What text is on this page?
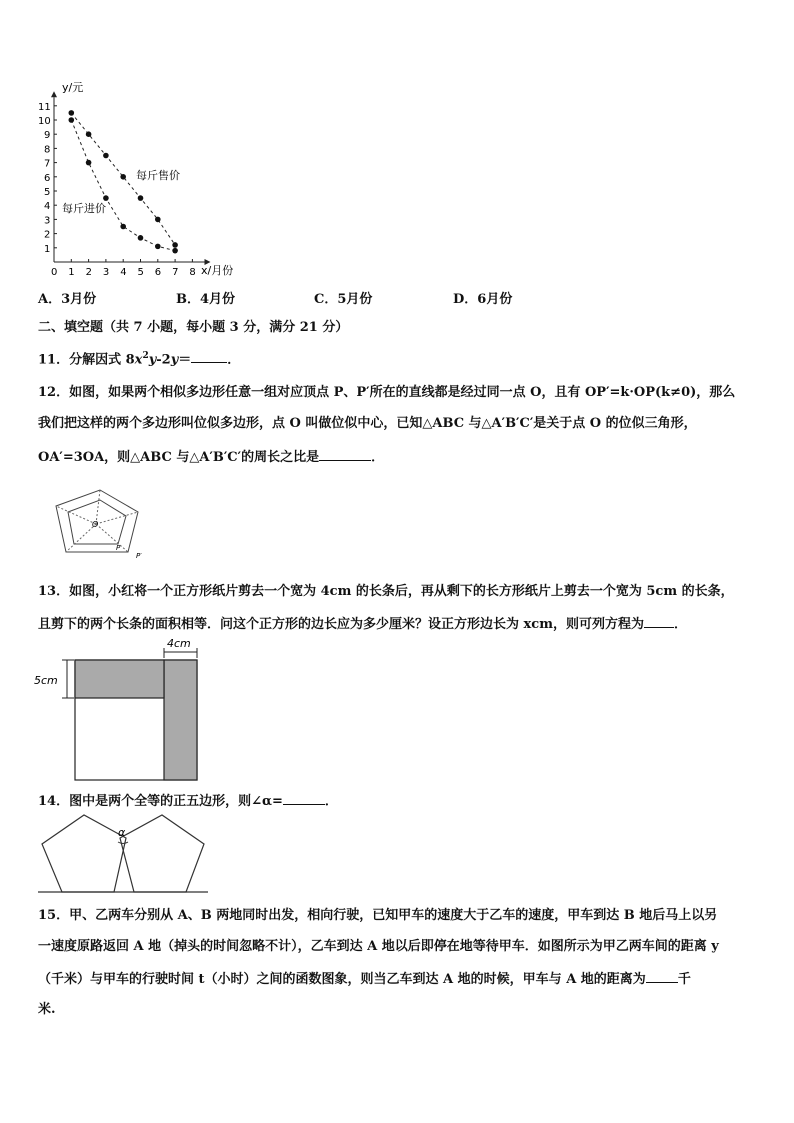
0 1 2 3 4 5 6 7 8
1
2
3
4
5
6
7
8
9
10
11
y/元
x/月份
每斤售价
每斤进价
A．3月份	B．4月份	C．5月份	D．6月份
二、填空题（共 7 小题，每小题 3 分，满分 21 分）
11．分解因式 $8x^2y-2y=$	．
12．如图，如果两个相似多边形任意一组对应顶点 P、P′所在的直线都是经过同一点 O，且有 OP′=k·OP(k≠0)，那么
我们把这样的两个多边形叫位似多边形，点 O 叫做位似中心，已知△ABC 与△A′B′C′是关于点 O 的位似三角形，
OA′=3OA，则△ABC 与△A′B′C′的周长之比是	．
O
P
P′
13．如图，小红将一个正方形纸片剪去一个宽为 4cm 的长条后，再从剩下的长方形纸片上剪去一个宽为 5cm 的长条，
且剪下的两个长条的面积相等．问这个正方形的边长应为多少厘米？设正方形边长为 xcm，则可列方程为 ．
4cm
5cm
14．图中是两个全等的正五边形，则∠α=	．
α
15．甲、乙两车分别从 A、B 两地同时出发，相向行驶，已知甲车的速度大于乙车的速度，甲车到达 B 地后马上以另
一速度原路返回 A 地（掉头的时间忽略不计），乙车到达 A 地以后即停在地等待甲车．如图所示为甲乙两车间的距离 y
（千米）与甲车的行驶时间 t（小时）之间的函数图象，则当乙车到达 A 地的时候，甲车与 A 地的距离为 千
米.
